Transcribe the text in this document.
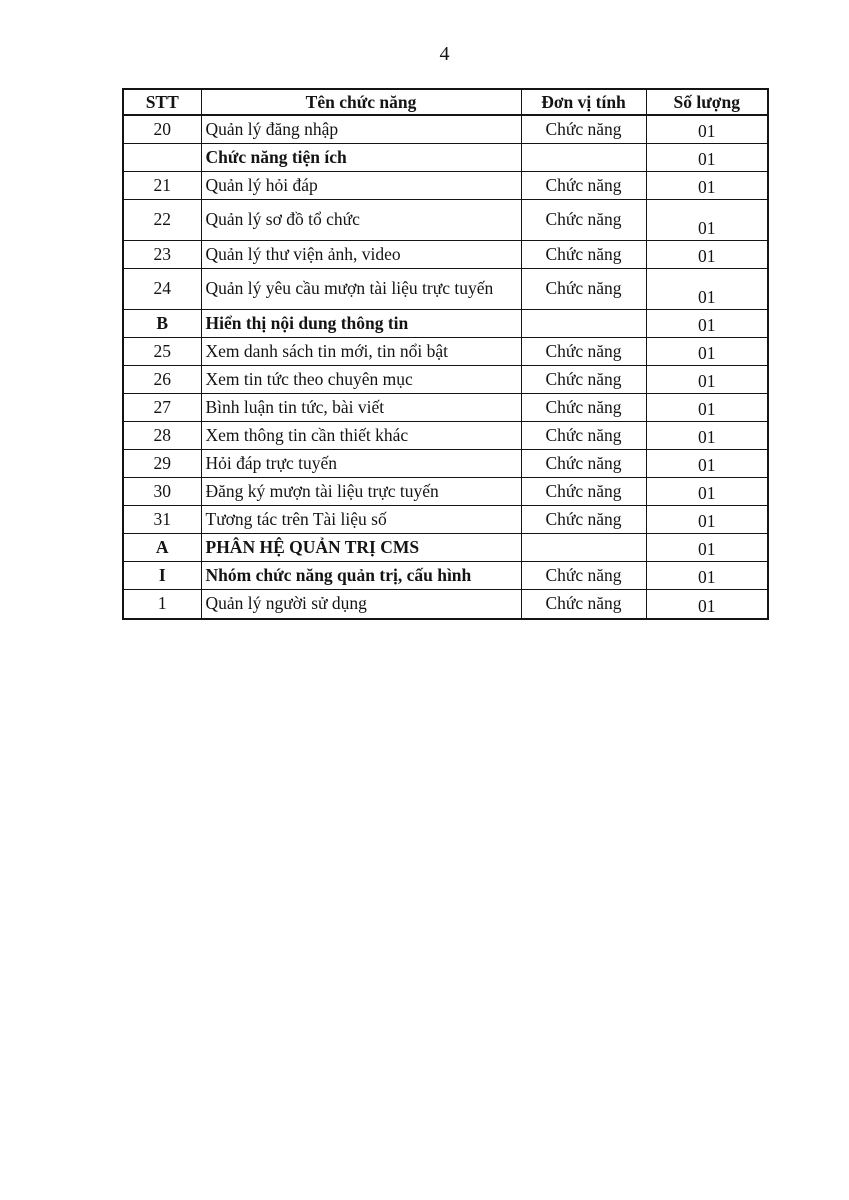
4
STT	Tên chức năng	Đơn vị tính	Số lượng
20	Quản lý đăng nhập	Chức năng	01
	Chức năng tiện ích		01
21	Quản lý hỏi đáp	Chức năng	01
22	Quản lý sơ đồ tổ chức	Chức năng	01
23	Quản lý thư viện ảnh, video	Chức năng	01
24	Quản lý yêu cầu mượn tài liệu trực tuyến	Chức năng	01
B	Hiển thị nội dung thông tin		01
25	Xem danh sách tin mới, tin nổi bật	Chức năng	01
26	Xem tin tức theo chuyên mục	Chức năng	01
27	Bình luận tin tức, bài viết	Chức năng	01
28	Xem thông tin cần thiết khác	Chức năng	01
29	Hỏi đáp trực tuyến	Chức năng	01
30	Đăng ký mượn tài liệu trực tuyến	Chức năng	01
31	Tương tác trên Tài liệu số	Chức năng	01
A	PHÂN HỆ QUẢN TRỊ CMS		01
I	Nhóm chức năng quản trị, cấu hình	Chức năng	01
1	Quản lý người sử dụng	Chức năng	01
